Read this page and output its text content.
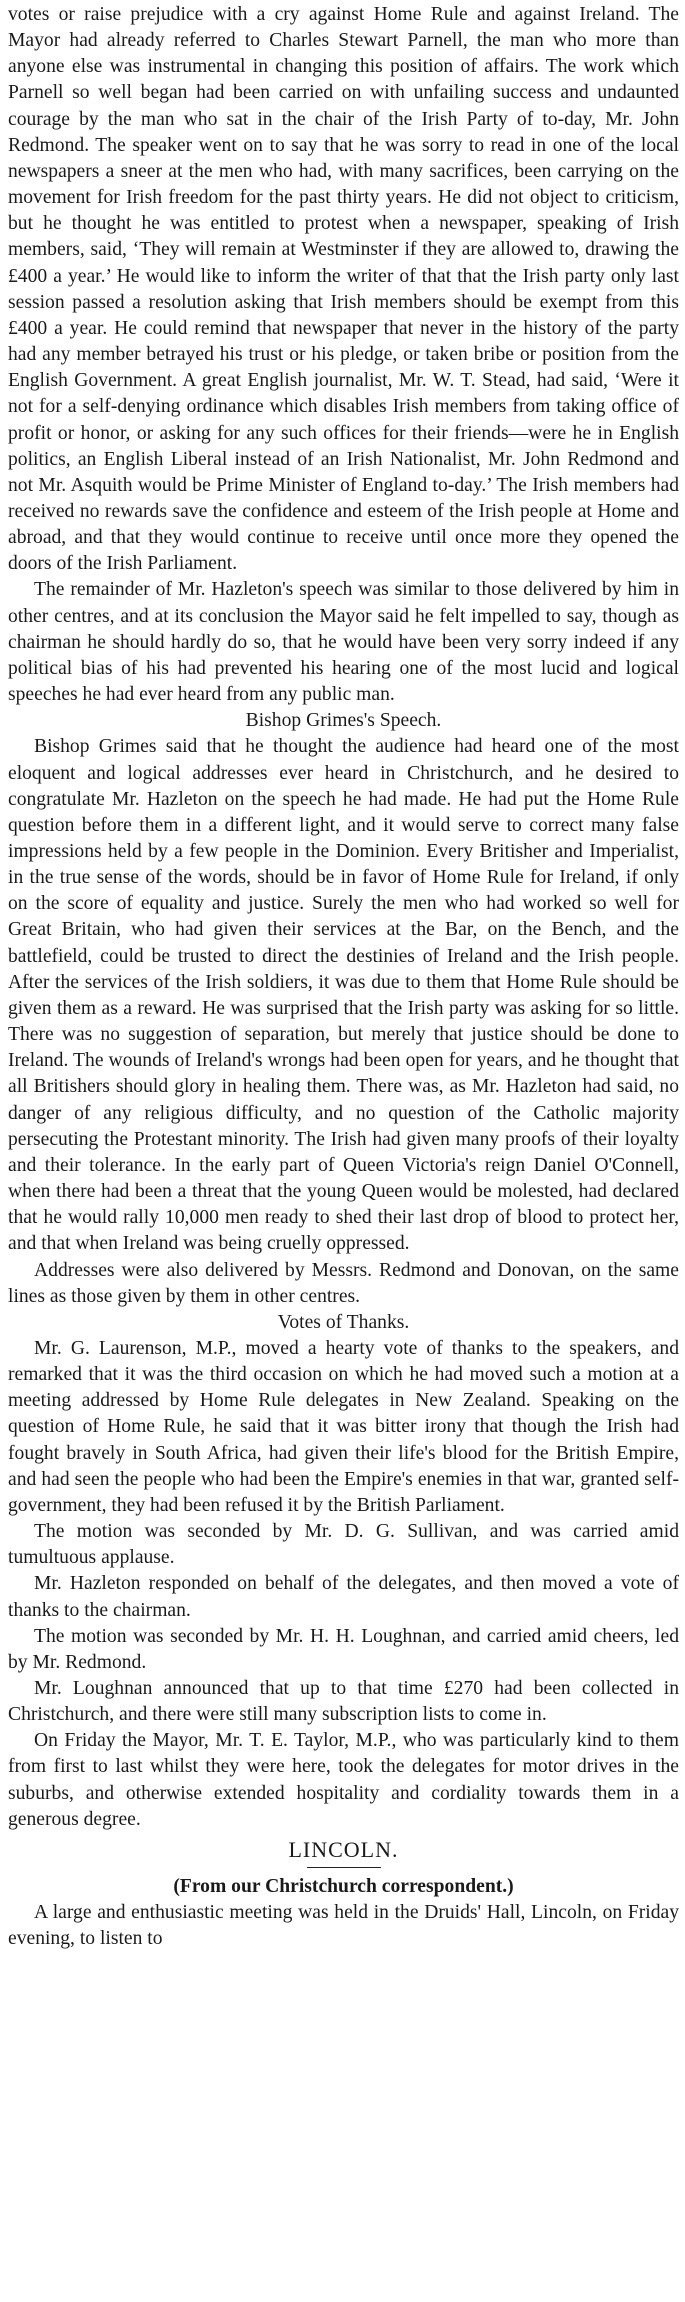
votes or raise prejudice with a cry against Home Rule and against Ireland. The Mayor had already referred to Charles Stewart Parnell, the man who more than anyone else was instrumental in changing this position of affairs. The work which Parnell so well began had been carried on with unfailing success and undaunted courage by the man who sat in the chair of the Irish Party of to-day, Mr. John Redmond. The speaker went on to say that he was sorry to read in one of the local newspapers a sneer at the men who had, with many sacrifices, been carrying on the movement for Irish freedom for the past thirty years. He did not object to criticism, but he thought he was entitled to protest when a newspaper, speaking of Irish members, said, ‘They will remain at Westminster if they are allowed to, drawing the £400 a year.’ He would like to inform the writer of that that the Irish party only last session passed a resolution asking that Irish members should be exempt from this £400 a year. He could remind that newspaper that never in the history of the party had any member betrayed his trust or his pledge, or taken bribe or position from the English Government. A great English journalist, Mr. W. T. Stead, had said, ‘Were it not for a self-denying ordinance which disables Irish members from taking office of profit or honor, or asking for any such offices for their friends—were he in English politics, an English Liberal instead of an Irish Nationalist, Mr. John Redmond and not Mr. Asquith would be Prime Minister of England to-day.’ The Irish members had received no rewards save the confidence and esteem of the Irish people at Home and abroad, and that they would continue to receive until once more they opened the doors of the Irish Parliament.

The remainder of Mr. Hazleton's speech was similar to those delivered by him in other centres, and at its conclusion the Mayor said he felt impelled to say, though as chairman he should hardly do so, that he would have been very sorry indeed if any political bias of his had prevented his hearing one of the most lucid and logical speeches he had ever heard from any public man.

Bishop Grimes's Speech.

Bishop Grimes said that he thought the audience had heard one of the most eloquent and logical addresses ever heard in Christchurch, and he desired to congratulate Mr. Hazleton on the speech he had made. He had put the Home Rule question before them in a different light, and it would serve to correct many false impressions held by a few people in the Dominion. Every Britisher and Imperialist, in the true sense of the words, should be in favor of Home Rule for Ireland, if only on the score of equality and justice. Surely the men who had worked so well for Great Britain, who had given their services at the Bar, on the Bench, and the battlefield, could be trusted to direct the destinies of Ireland and the Irish people. After the services of the Irish soldiers, it was due to them that Home Rule should be given them as a reward. He was surprised that the Irish party was asking for so little. There was no suggestion of separation, but merely that justice should be done to Ireland. The wounds of Ireland's wrongs had been open for years, and he thought that all Britishers should glory in healing them. There was, as Mr. Hazleton had said, no danger of any religious difficulty, and no question of the Catholic majority persecuting the Protestant minority. The Irish had given many proofs of their loyalty and their tolerance. In the early part of Queen Victoria's reign Daniel O'Connell, when there had been a threat that the young Queen would be molested, had declared that he would rally 10,000 men ready to shed their last drop of blood to protect her, and that when Ireland was being cruelly oppressed.

Addresses were also delivered by Messrs. Redmond and Donovan, on the same lines as those given by them in other centres.

Votes of Thanks.

Mr. G. Laurenson, M.P., moved a hearty vote of thanks to the speakers, and remarked that it was the third occasion on which he had moved such a motion at a meeting addressed by Home Rule delegates in New Zealand. Speaking on the question of Home Rule, he said that it was bitter irony that though the Irish had fought bravely in South Africa, had given their life's blood for the British Empire, and had seen the people who had been the Empire's enemies in that war, granted self-government, they had been refused it by the British Parliament.

The motion was seconded by Mr. D. G. Sullivan, and was carried amid tumultuous applause.

Mr. Hazleton responded on behalf of the delegates, and then moved a vote of thanks to the chairman.

The motion was seconded by Mr. H. H. Loughnan, and carried amid cheers, led by Mr. Redmond.

Mr. Loughnan announced that up to that time £270 had been collected in Christchurch, and there were still many subscription lists to come in.

On Friday the Mayor, Mr. T. E. Taylor, M.P., who was particularly kind to them from first to last whilst they were here, took the delegates for motor drives in the suburbs, and otherwise extended hospitality and cordiality towards them in a generous degree.

LINCOLN.

(From our Christchurch correspondent.)

A large and enthusiastic meeting was held in the Druids' Hall, Lincoln, on Friday evening, to listen to
